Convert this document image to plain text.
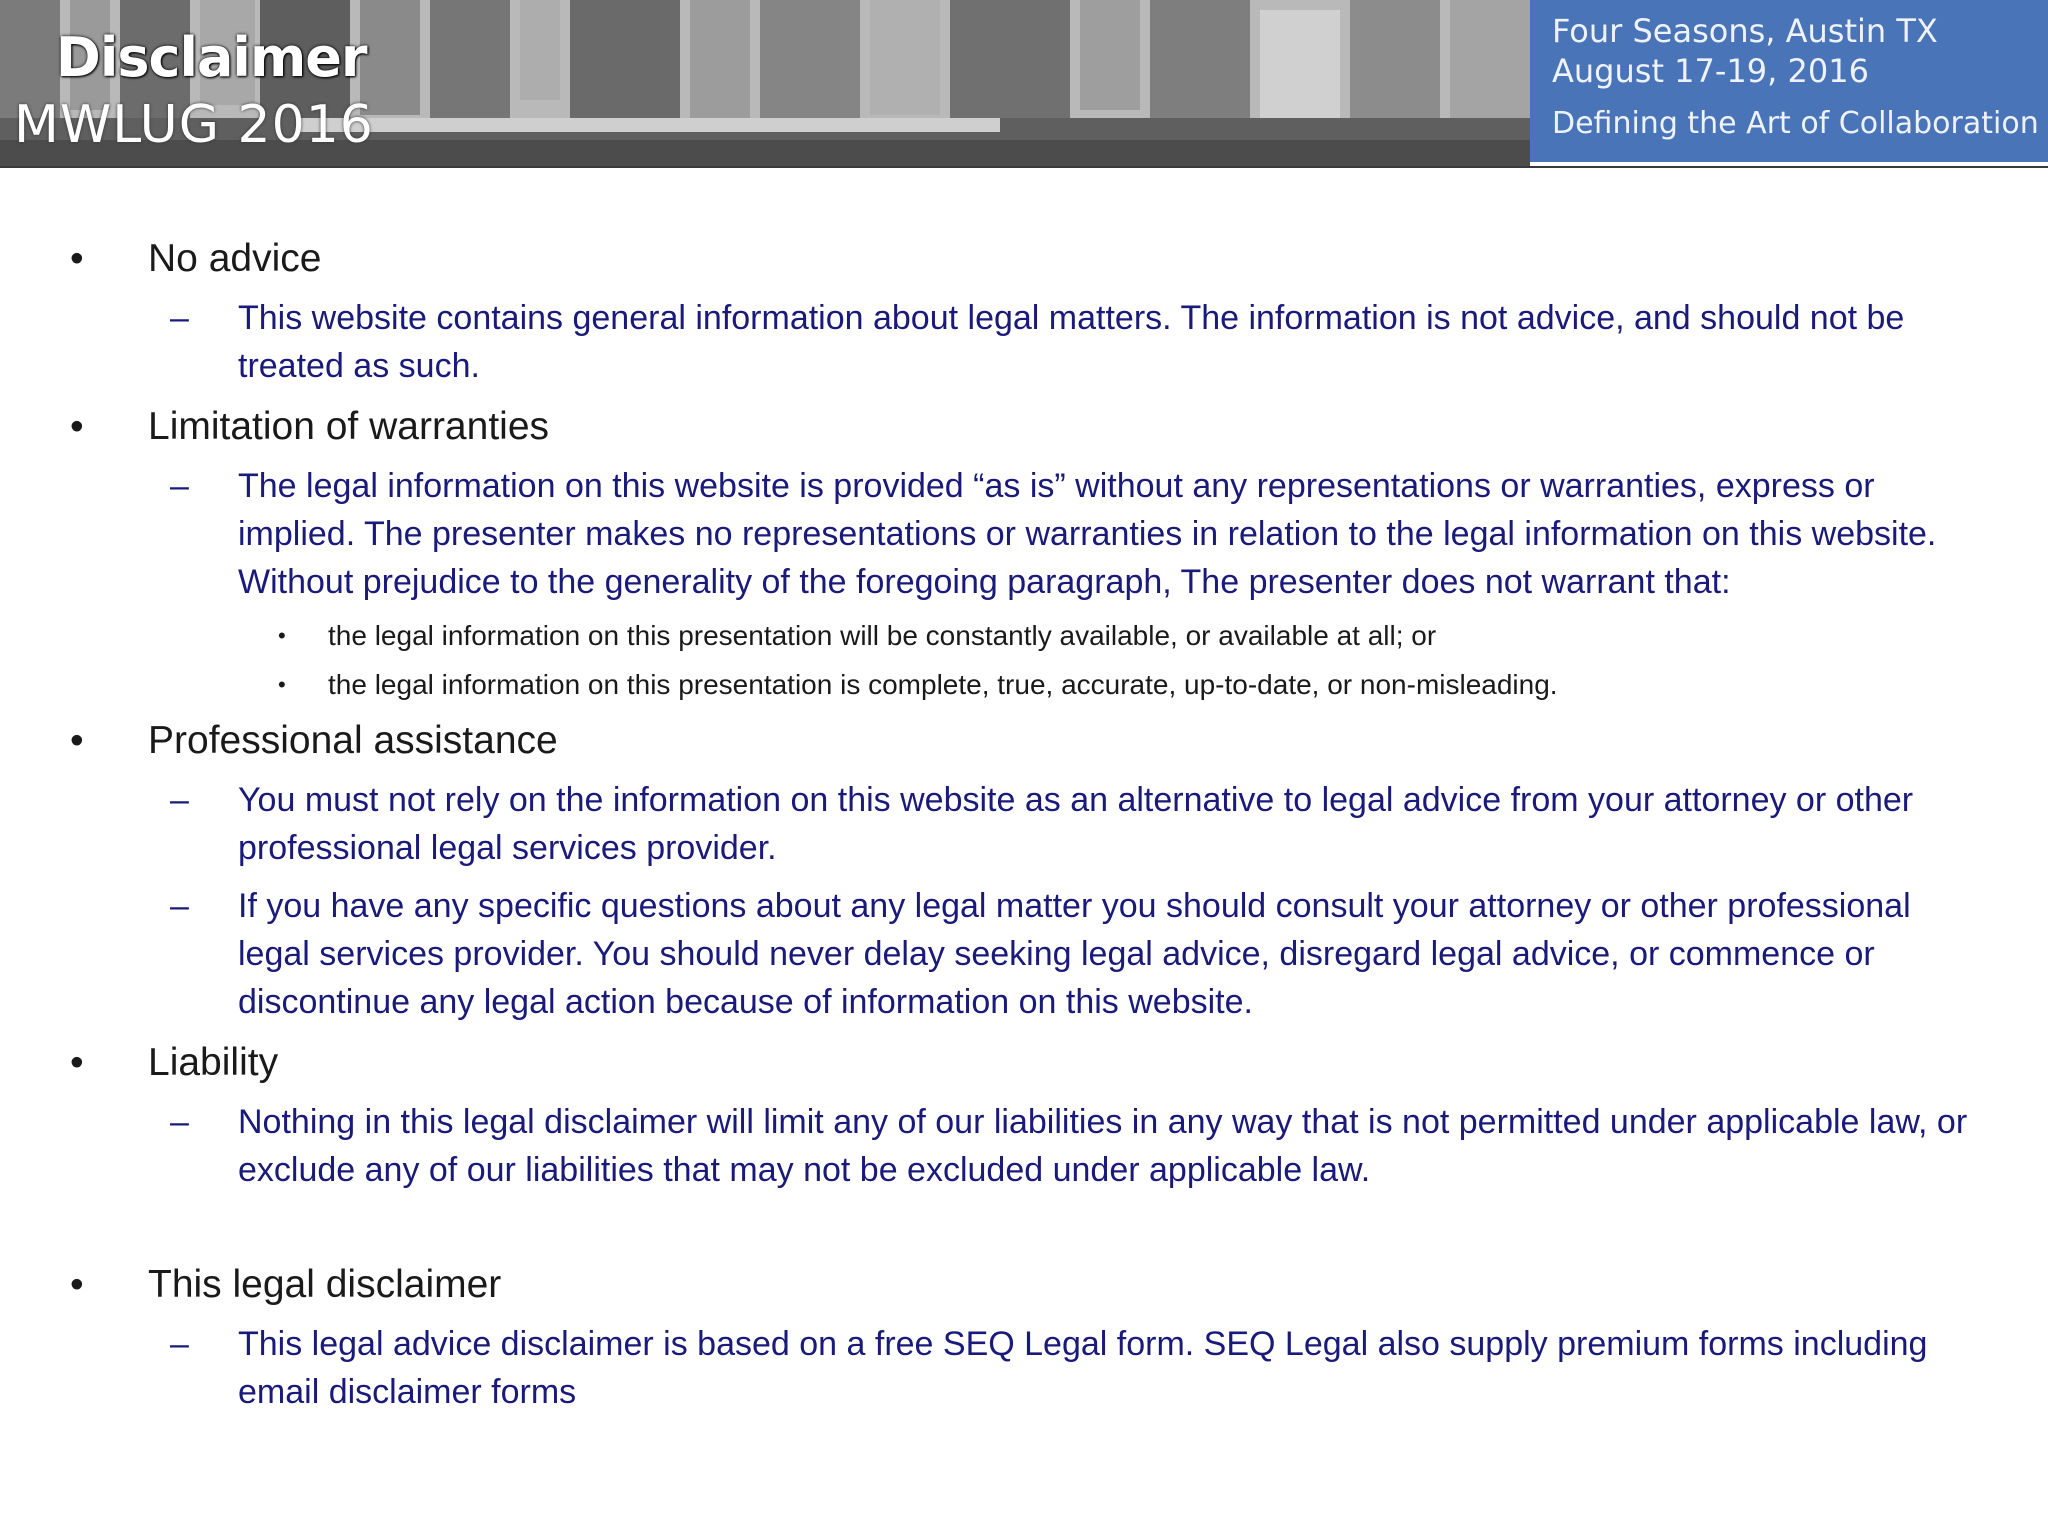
Disclaimer
MWLUG 2016
Four Seasons, Austin TX
August 17-19, 2016
Defining the Art of Collaboration
• No advice
– This website contains general information about legal matters. The information is not advice, and should not be treated as such.
• Limitation of warranties
– The legal information on this website is provided “as is” without any representations or warranties, express or implied. The presenter makes no representations or warranties in relation to the legal information on this website. Without prejudice to the generality of the foregoing paragraph, The presenter does not warrant that:
• the legal information on this presentation will be constantly available, or available at all; or
• the legal information on this presentation is complete, true, accurate, up-to-date, or non-misleading.
• Professional assistance
– You must not rely on the information on this website as an alternative to legal advice from your attorney or other professional legal services provider.
– If you have any specific questions about any legal matter you should consult your attorney or other professional legal services provider. You should never delay seeking legal advice, disregard legal advice, or commence or discontinue any legal action because of information on this website.
• Liability
– Nothing in this legal disclaimer will limit any of our liabilities in any way that is not permitted under applicable law, or exclude any of our liabilities that may not be excluded under applicable law.
• This legal disclaimer
– This legal advice disclaimer is based on a free SEQ Legal form. SEQ Legal also supply premium forms including email disclaimer forms
